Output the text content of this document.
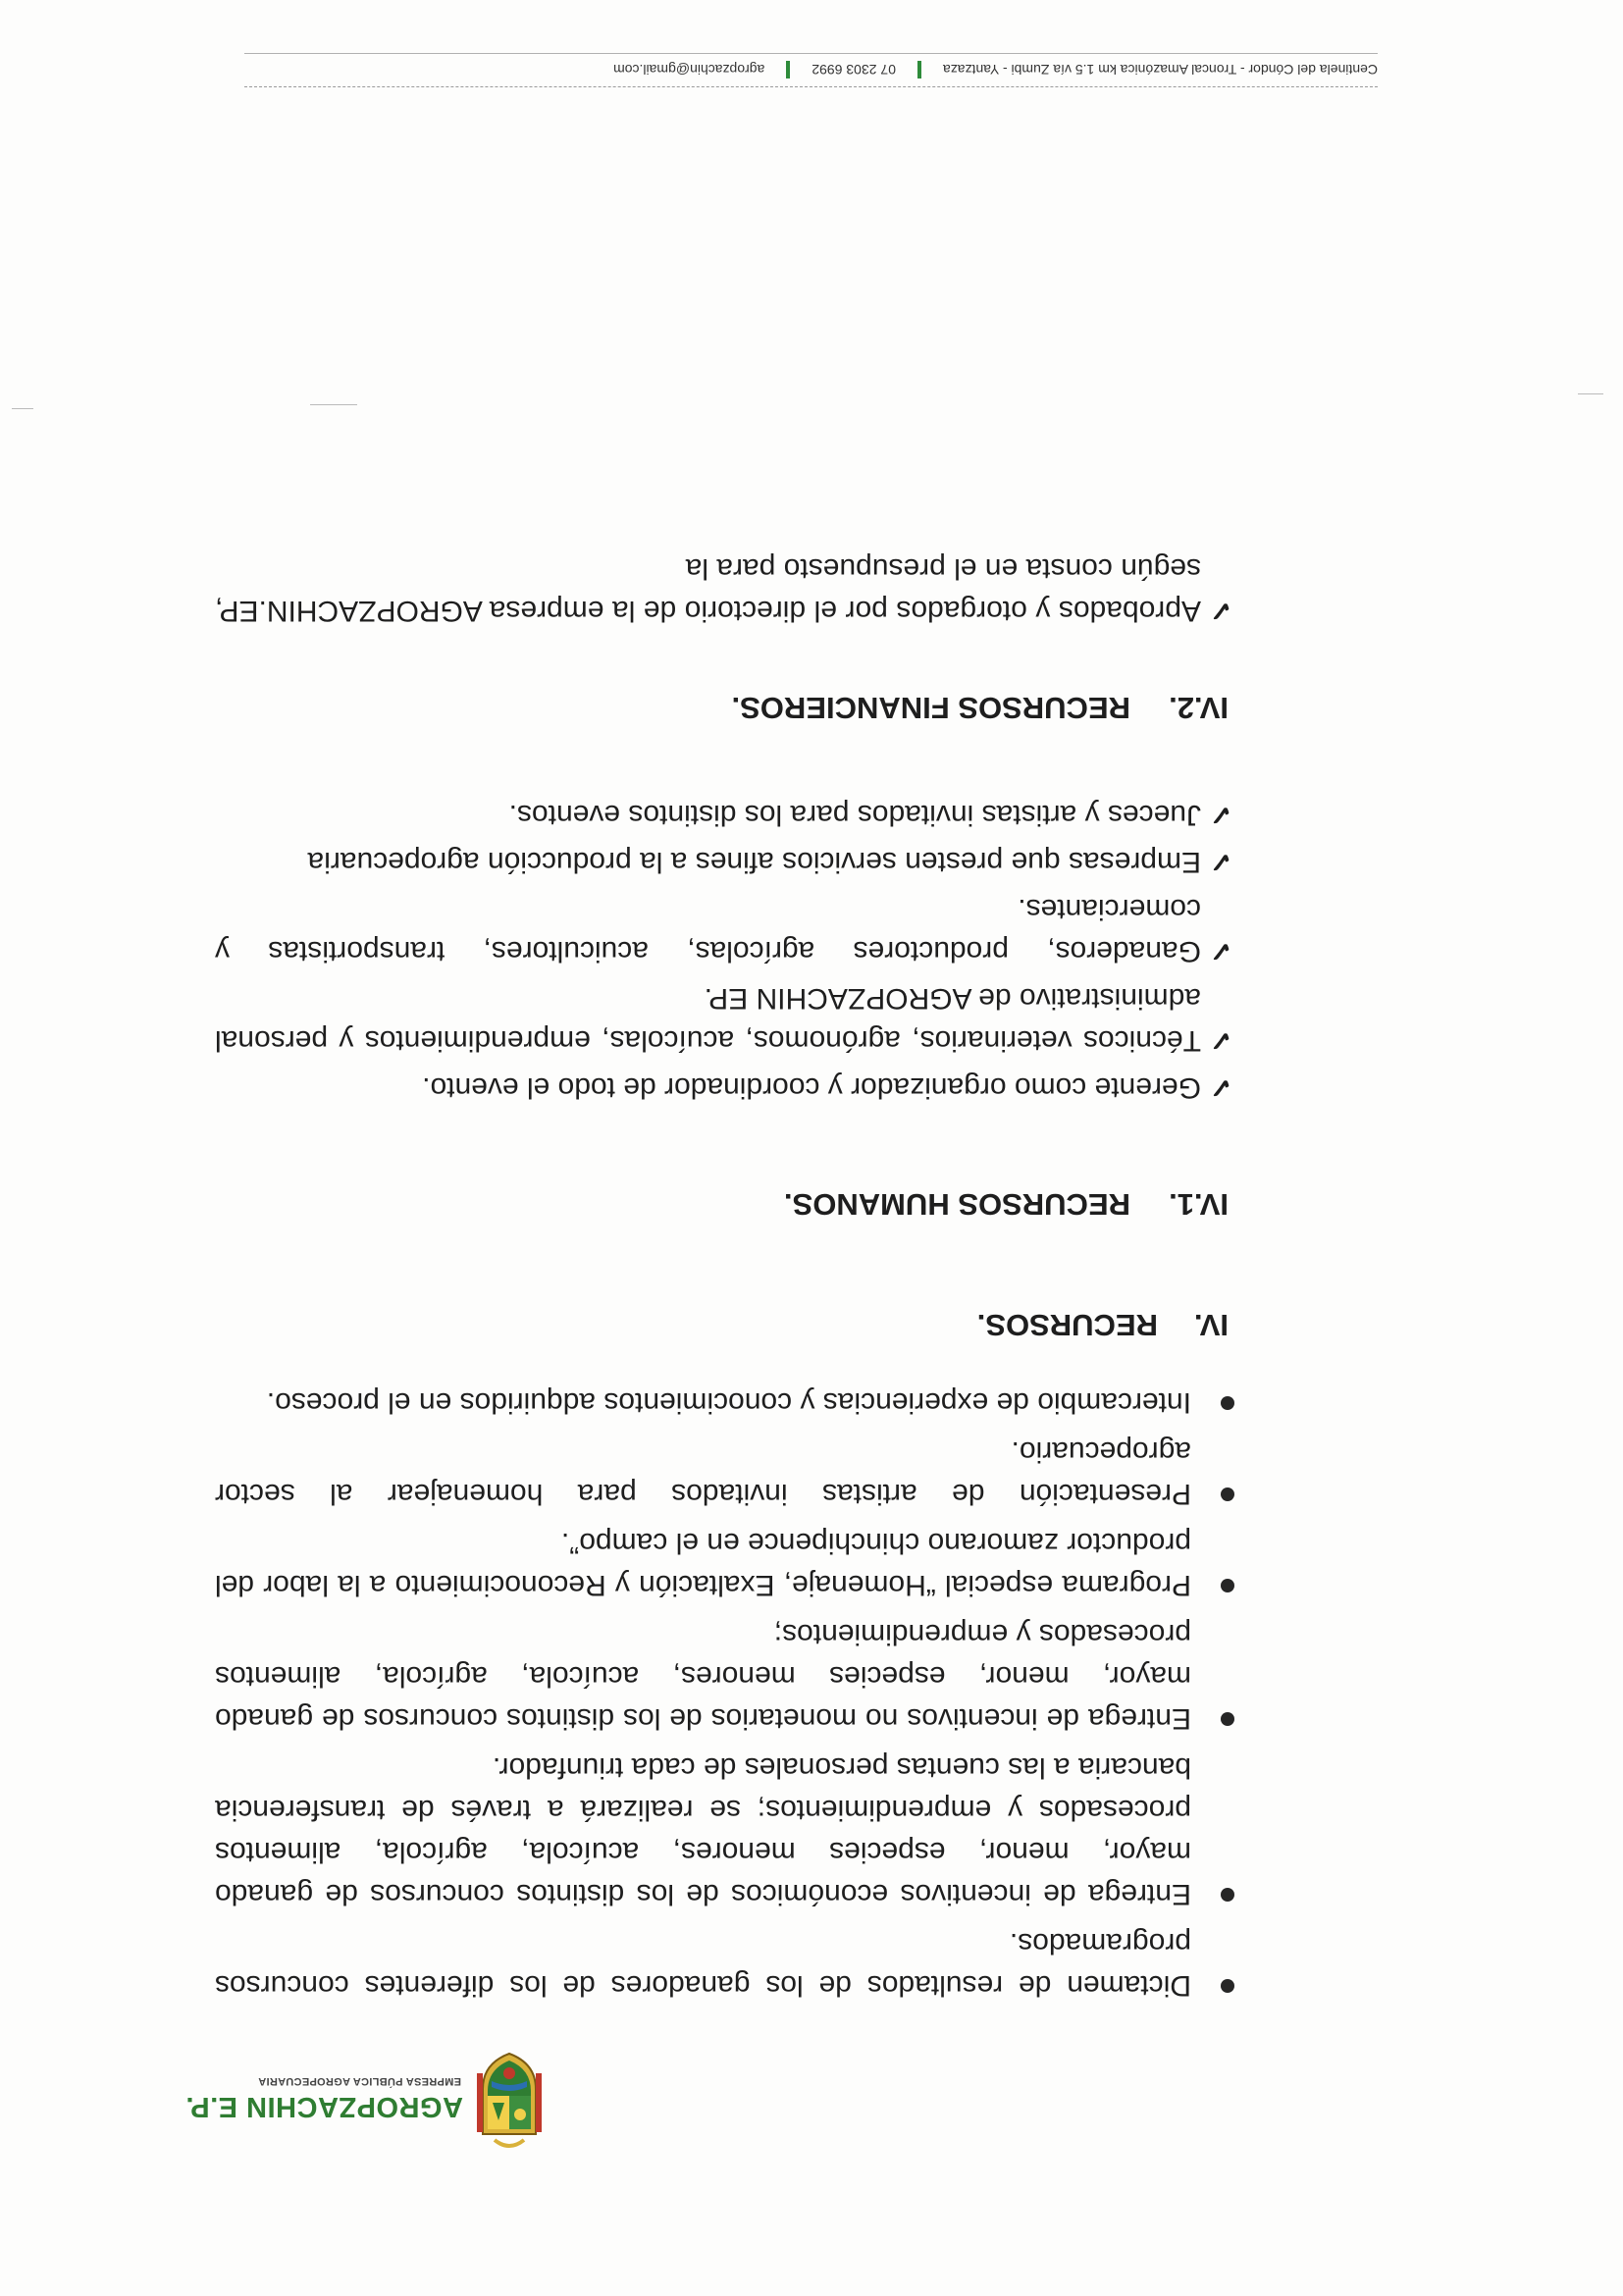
AGROPZACHIN E.P.
EMPRESA PÚBLICA AGROPECUARIA
Dictamen de resultados de los ganadores de los diferentes concursos programados.
Entrega de incentivos económicos de los distintos concursos de ganado mayor, menor, especies menores, acuícola, agrícola, alimentos procesados y emprendimientos; se realizará a través de transferencia bancaria a las cuentas personales de cada triunfador.
Entrega de incentivos no monetarios de los distintos concursos de ganado mayor, menor, especies menores, acuícola, agrícola, alimentos procesados y emprendimientos;
Programa especial “Homenaje, Exaltación y Reconocimiento a la labor del productor zamorano chinchipence en el campo”.
Presentación de artistas invitados para homenajear al sector agropecuario.
Intercambio de experiencias y conocimientos adquiridos en el proceso.

IV.RECURSOS.

IV.1.RECURSOS HUMANOS.

✓
Gerente como organizador y coordinador de todo el evento.
✓
Técnicos veterinarios, agrónomos, acuícolas, emprendimientos y personal administrativo de AGROPZACHIN EP.
✓
Ganaderos, productores agrícolas, acuicultores, transportistas y comerciantes.
✓
Empresas que presten servicios afines a la producción agropecuaria
✓
Jueces y artistas invitados para los distintos eventos.

IV.2.RECURSOS FINANCIEROS.

✓
Aprobados y otorgados por el directorio de la empresa AGROPZACHIN.EP, según consta en el presupuesto para la
Centinela del Cóndor - Troncal Amazónica km 1.5 vía Zumbi - Yantzaza
07 2303 6992
agropzachin@gmail.com
